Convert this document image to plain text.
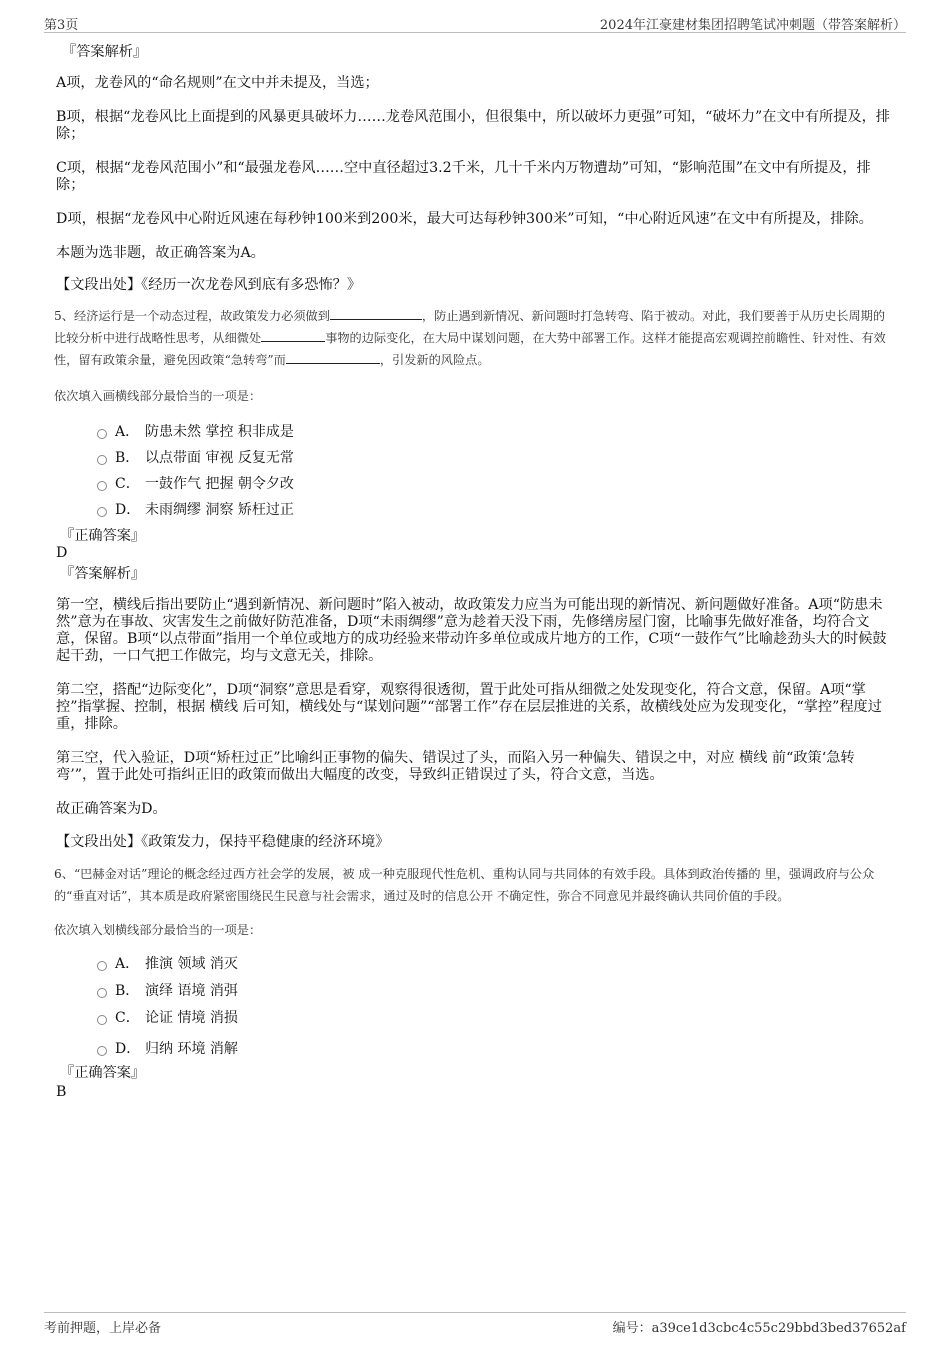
第3页	2024年江豪建材集团招聘笔试冲刺题（带答案解析）
『答案解析』

A项，龙卷风的“命名规则”在文中并未提及，当选；

B项，根据“龙卷风比上面提到的风暴更具破坏力……龙卷风范围小，但很集中，所以破坏力更强”可知，“破坏力”在文中有所提及，排除；

C项，根据“龙卷风范围小”和“最强龙卷风……空中直径超过3.2千米，几十千米内万物遭劫”可知，“影响范围”在文中有所提及，排除；

D项，根据“龙卷风中心附近风速在每秒钟100米到200米，最大可达每秒钟300米”可知，“中心附近风速”在文中有所提及，排除。

本题为选非题，故正确答案为A。

【文段出处】《经历一次龙卷风到底有多恐怖？》

5、经济运行是一个动态过程，故政策发力必须做到	，防止遇到新情况、新问题时打急转弯、陷于被动。对此，我们要善于从历史长周期的比较分析中进行战略性思考，从细微处	事物的边际变化，在大局中谋划问题，在大势中部署工作。这样才能提高宏观调控前瞻性、针对性、有效性，留有政策余量，避免因政策“急转弯”而	，引发新的风险点。
依次填入画横线部分最恰当的一项是：
A． 防患未然 掌控 积非成是
B． 以点带面 审视 反复无常
C． 一鼓作气 把握 朝令夕改
D． 未雨绸缪 洞察 矫枉过正
『正确答案』
D
『答案解析』

第一空，横线后指出要防止“遇到新情况、新问题时”陷入被动，故政策发力应当为可能出现的新情况、新问题做好准备。A项“防患未然”意为在事故、灾害发生之前做好防范准备，D项“未雨绸缪”意为趁着天没下雨，先修缮房屋门窗，比喻事先做好准备，均符合文意，保留。B项“以点带面”指用一个单位或地方的成功经验来带动许多单位或成片地方的工作，C项“一鼓作气”比喻趁劲头大的时候鼓起干劲，一口气把工作做完，均与文意无关，排除。

第二空，搭配“边际变化”，D项“洞察”意思是看穿，观察得很透彻，置于此处可指从细微之处发现变化，符合文意，保留。A项“掌控”指掌握、控制，根据 横线 后可知，横线处与“谋划问题”“部署工作”存在层层推进的关系，故横线处应为发现变化，“掌控”程度过重，排除。

第三空，代入验证，D项“矫枉过正”比喻纠正事物的偏失、错误过了头，而陷入另一种偏失、错误之中，对应 横线 前“政策‘急转弯’”，置于此处可指纠正旧的政策而做出大幅度的改变，导致纠正错误过了头，符合文意，当选。

故正确答案为D。

【文段出处】《政策发力，保持平稳健康的经济环境》

6、“巴赫金对话”理论的概念经过西方社会学的发展，被 成一种克服现代性危机、重构认同与共同体的有效手段。具体到政治传播的 里，强调政府与公众的“垂直对话”，其本质是政府紧密围绕民生民意与社会需求，通过及时的信息公开 不确定性，弥合不同意见并最终确认共同价值的手段。
依次填入划横线部分最恰当的一项是：
A． 推演 领域 消灭
B． 演绎 语境 消弭
C． 论证 情境 消损
D． 归纳 环境 消解
『正确答案』
B
考前押题，上岸必备	编号：a39ce1d3cbc4c55c29bbd3bed37652af
